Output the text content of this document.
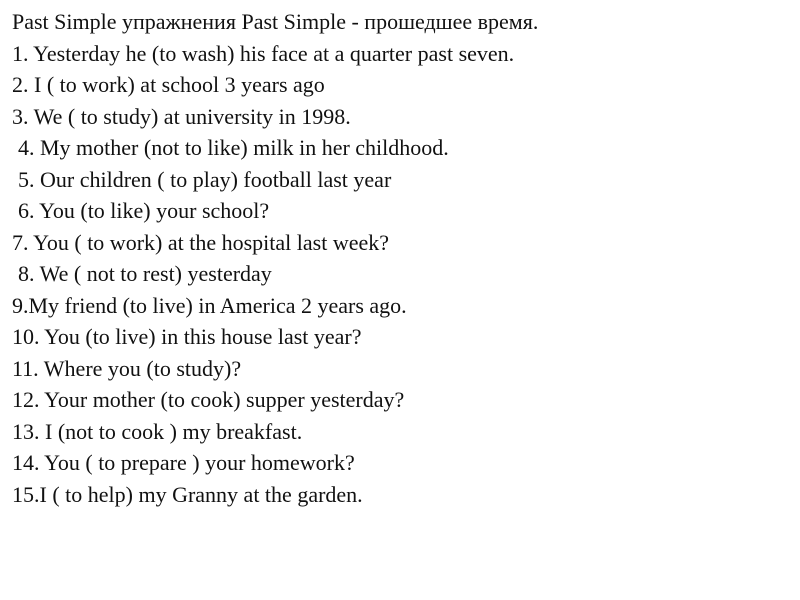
Past Simple упражнения Past Simple - прошедшее время.
1. Yesterday he (to wash) his face at a quarter past seven.
2. I ( to work) at school 3 years ago
3. We ( to study) at university in 1998.
4. My mother (not to like) milk in her childhood.
5. Our children ( to play) football last year
6. You (to like) your school?
7. You ( to work) at the hospital last week?
8. We ( not to rest) yesterday
9.My friend (to live) in America 2 years ago.
10. You (to live) in this house last year?
11. Where you (to study)?
12. Your mother (to cook) supper yesterday?
13. I (not to cook ) my breakfast.
14. You ( to prepare ) your homework?
15.I ( to help) my Granny at the garden.
